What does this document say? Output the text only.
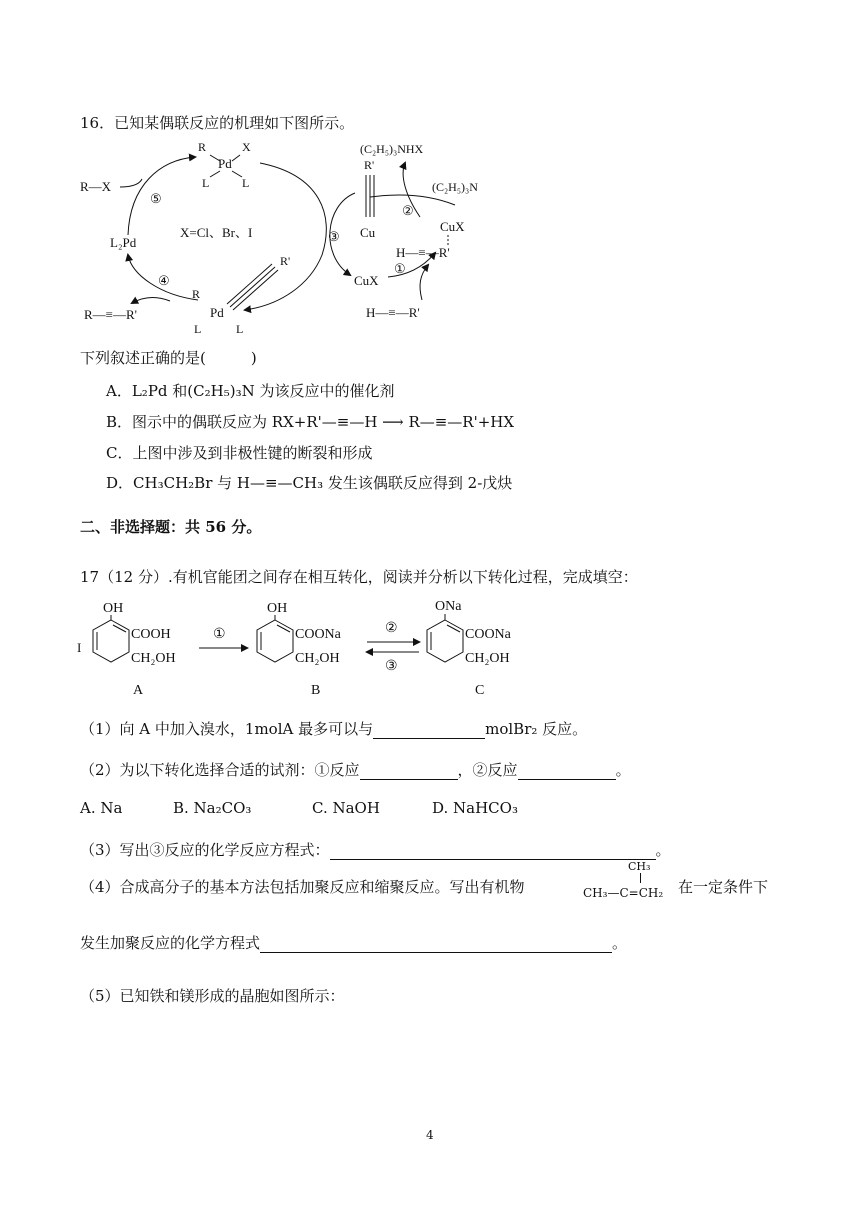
16．已知某偶联反应的机理如下图所示。
R	X
Pd
L	L
R—X
⑤
L₂Pd
X=Cl、Br、I
④
R—≡—R'
R
R'
Pd
L	L
③
R'
Cu
(C₂H₅)₃NHX
(C₂H₅)₃N
②
CuX
H—≡—R'
CuX
①
H—≡—R'
下列叙述正确的是(　　　)
A．L₂Pd 和(C₂H₅)₃N 为该反应中的催化剂
B．图示中的偶联反应为 RX+R'—≡—H ⟶ R—≡—R'+HX
C．上图中涉及到非极性键的断裂和形成
D．CH₃CH₂Br 与 H—≡—CH₃ 发生该偶联反应得到 2-戊炔
二、非选择题：共 56 分。
17（12 分）.有机官能团之间存在相互转化，阅读并分析以下转化过程，完成填空：
I
OH
COOH
CH₂OH
A
①
OH
COONa
CH₂OH
B
②
③
ONa
COONa
CH₂OH
C
（1）向 A 中加入溴水，1molA 最多可以与	molBr₂ 反应。
（2）为以下转化选择合适的试剂：①反应	，②反应	。
A. Na	B. Na₂CO₃	C. NaOH	D. NaHCO₃
（3）写出③反应的化学反应方程式：	。
（4）合成高分子的基本方法包括加聚反应和缩聚反应。写出有机物
CH₃
CH₃—C=CH₂ 在一定条件下
发生加聚反应的化学方程式	。
（5）已知铁和镁形成的晶胞如图所示：
4
